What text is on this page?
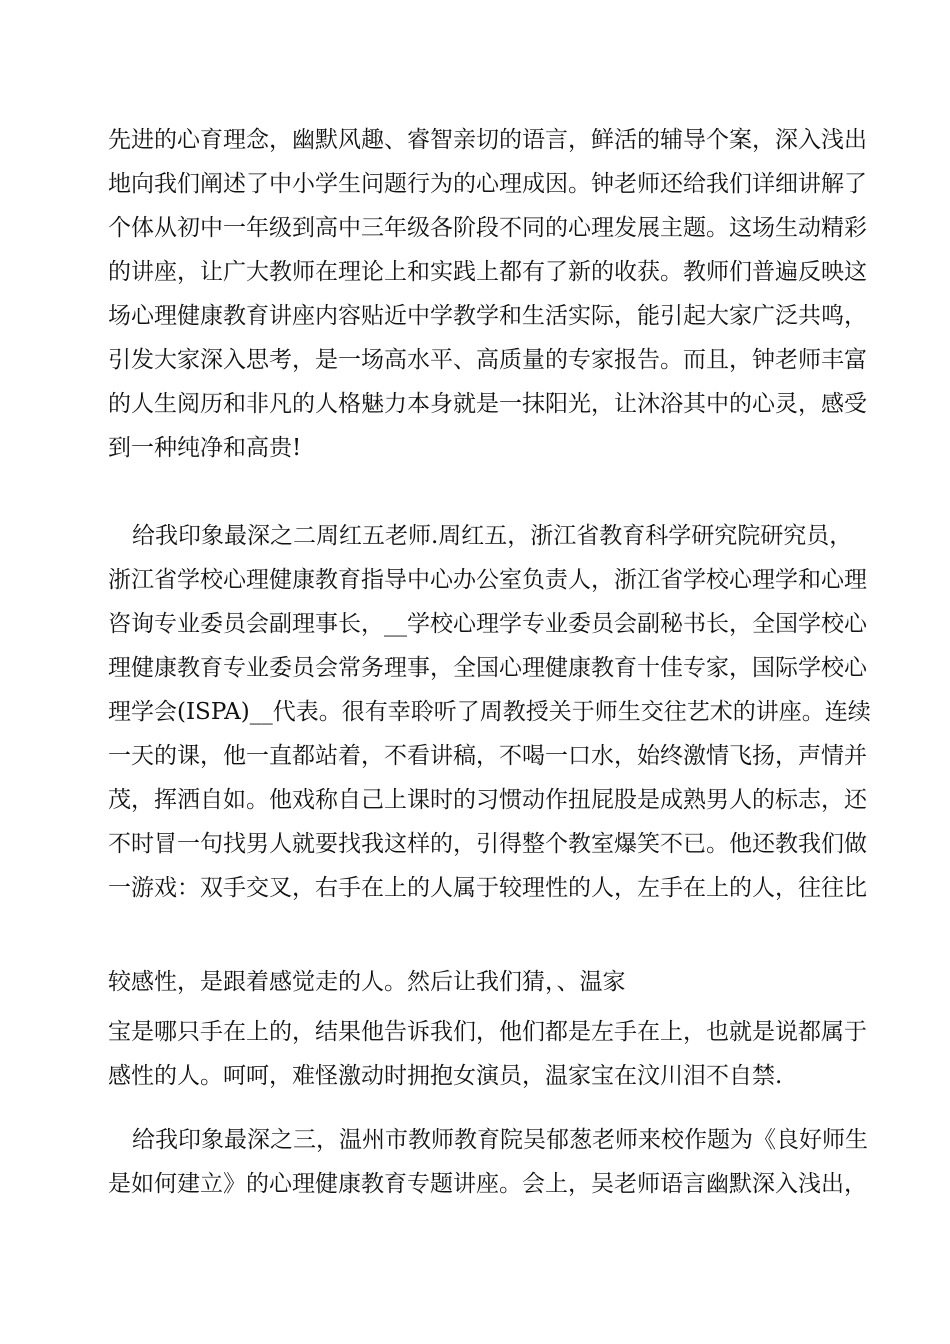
先进的心育理念，幽默风趣、睿智亲切的语言，鲜活的辅导个案，深入浅出
地向我们阐述了中小学生问题行为的心理成因。钟老师还给我们详细讲解了
个体从初中一年级到高中三年级各阶段不同的心理发展主题。这场生动精彩
的讲座，让广大教师在理论上和实践上都有了新的收获。教师们普遍反映这
场心理健康教育讲座内容贴近中学教学和生活实际，能引起大家广泛共鸣，
引发大家深入思考，是一场高水平、高质量的专家报告。而且，钟老师丰富
的人生阅历和非凡的人格魅力本身就是一抹阳光，让沐浴其中的心灵，感受
到一种纯净和高贵!
给我印象最深之二周红五老师.周红五，浙江省教育科学研究院研究员，
浙江省学校心理健康教育指导中心办公室负责人，浙江省学校心理学和心理
咨询专业委员会副理事长，__学校心理学专业委员会副秘书长，全国学校心
理健康教育专业委员会常务理事，全国心理健康教育十佳专家，国际学校心
理学会(ISPA)__代表。很有幸聆听了周教授关于师生交往艺术的讲座。连续
一天的课，他一直都站着，不看讲稿，不喝一口水，始终激情飞扬，声情并
茂，挥洒自如。他戏称自己上课时的习惯动作扭屁股是成熟男人的标志，还
不时冒一句找男人就要找我这样的，引得整个教室爆笑不已。他还教我们做
一游戏：双手交叉，右手在上的人属于较理性的人，左手在上的人，往往比
较感性，是跟着感觉走的人。然后让我们猜，、温家
宝是哪只手在上的，结果他告诉我们，他们都是左手在上，也就是说都属于
感性的人。呵呵，难怪激动时拥抱女演员，温家宝在汶川泪不自禁.
给我印象最深之三，温州市教师教育院吴郁葱老师来校作题为《良好师生
是如何建立》的心理健康教育专题讲座。会上，吴老师语言幽默深入浅出，
